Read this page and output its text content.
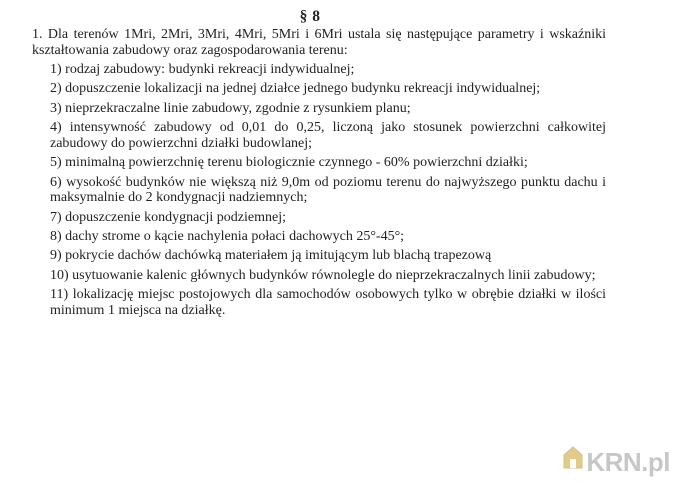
§ 8

1. Dla terenów 1Mri, 2Mri, 3Mri, 4Mri, 5Mri i 6Mri ustala się następujące parametry i wskaźniki kształtowania zabudowy oraz zagospodarowania terenu:

1) rodzaj zabudowy: budynki rekreacji indywidualnej;
2) dopuszczenie lokalizacji na jednej działce jednego budynku rekreacji indywidualnej;
3) nieprzekraczalne linie zabudowy, zgodnie z rysunkiem planu;
4) intensywność zabudowy od 0,01 do 0,25, liczoną jako stosunek powierzchni całkowitej zabudowy do powierzchni działki budowlanej;
5) minimalną powierzchnię terenu biologicznie czynnego - 60% powierzchni działki;
6) wysokość budynków nie większą niż 9,0m od poziomu terenu do najwyższego punktu dachu i maksymalnie do 2 kondygnacji nadziemnych;
7) dopuszczenie kondygnacji podziemnej;
8) dachy strome o kącie nachylenia połaci dachowych 25°-45°;
9) pokrycie dachów dachówką materiałem ją imitującym lub blachą trapezową
10) usytuowanie kalenic głównych budynków równolegle do nieprzekraczalnych linii zabudowy;
11) lokalizację miejsc postojowych dla samochodów osobowych tylko w obrębie działki w ilości minimum 1 miejsca na działkę.
KRN.pl
